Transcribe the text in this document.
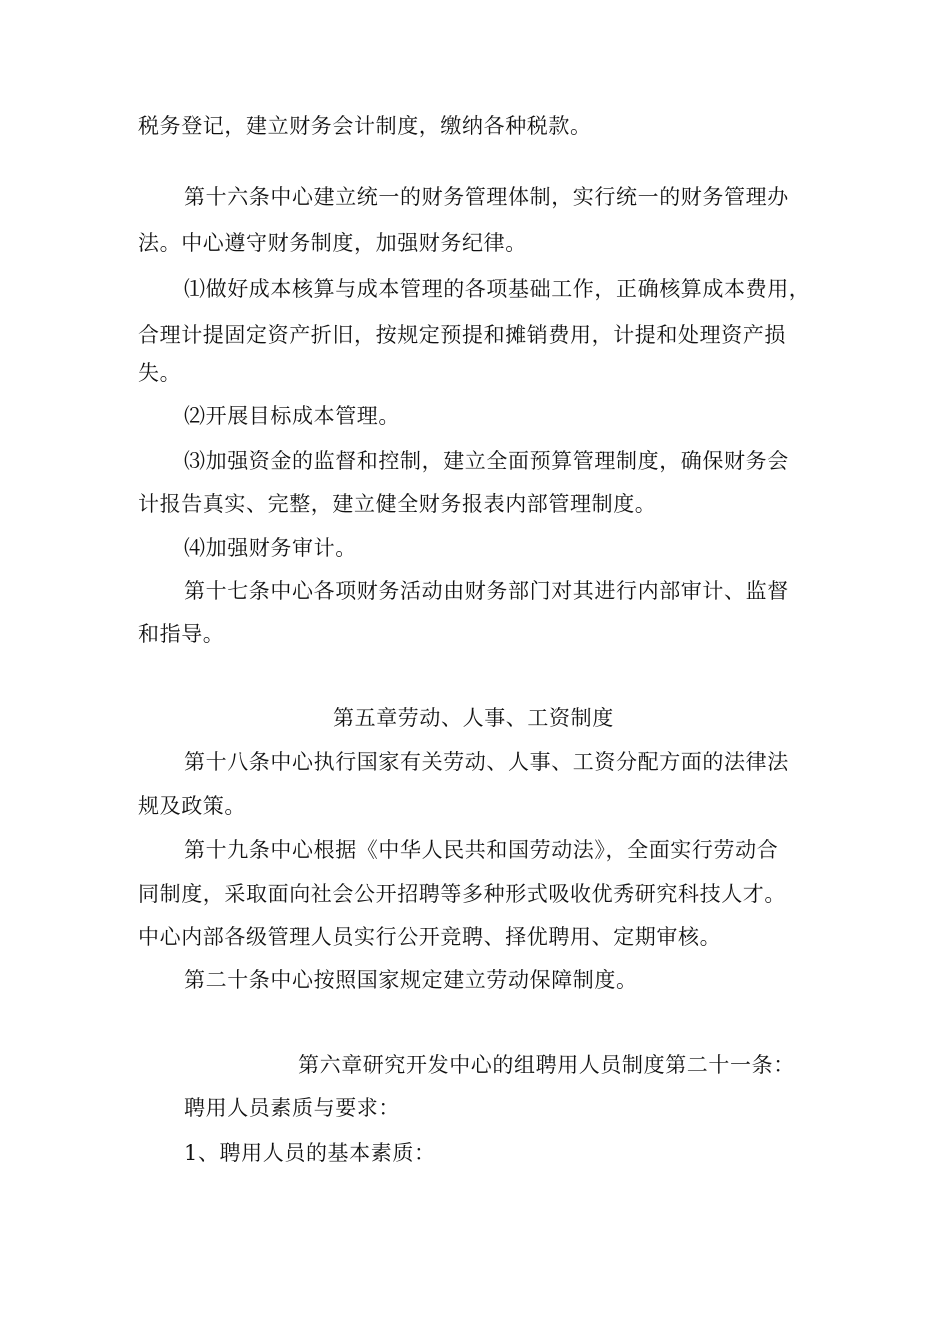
税务登记，建立财务会计制度，缴纳各种税款。
第十六条中心建立统一的财务管理体制，实行统一的财务管理办
法。中心遵守财务制度，加强财务纪律。
⑴做好成本核算与成本管理的各项基础工作，正确核算成本费用，
合理计提固定资产折旧，按规定预提和摊销费用，计提和处理资产损
失。
⑵开展目标成本管理。
⑶加强资金的监督和控制，建立全面预算管理制度，确保财务会
计报告真实、完整，建立健全财务报表内部管理制度。
⑷加强财务审计。
第十七条中心各项财务活动由财务部门对其进行内部审计、监督
和指导。
第五章劳动、人事、工资制度
第十八条中心执行国家有关劳动、人事、工资分配方面的法律法
规及政策。
第十九条中心根据《中华人民共和国劳动法》，全面实行劳动合
同制度，采取面向社会公开招聘等多种形式吸收优秀研究科技人才。
中心内部各级管理人员实行公开竞聘、择优聘用、定期审核。
第二十条中心按照国家规定建立劳动保障制度。
第六章研究开发中心的组聘用人员制度第二十一条：
聘用人员素质与要求：
1、聘用人员的基本素质：
